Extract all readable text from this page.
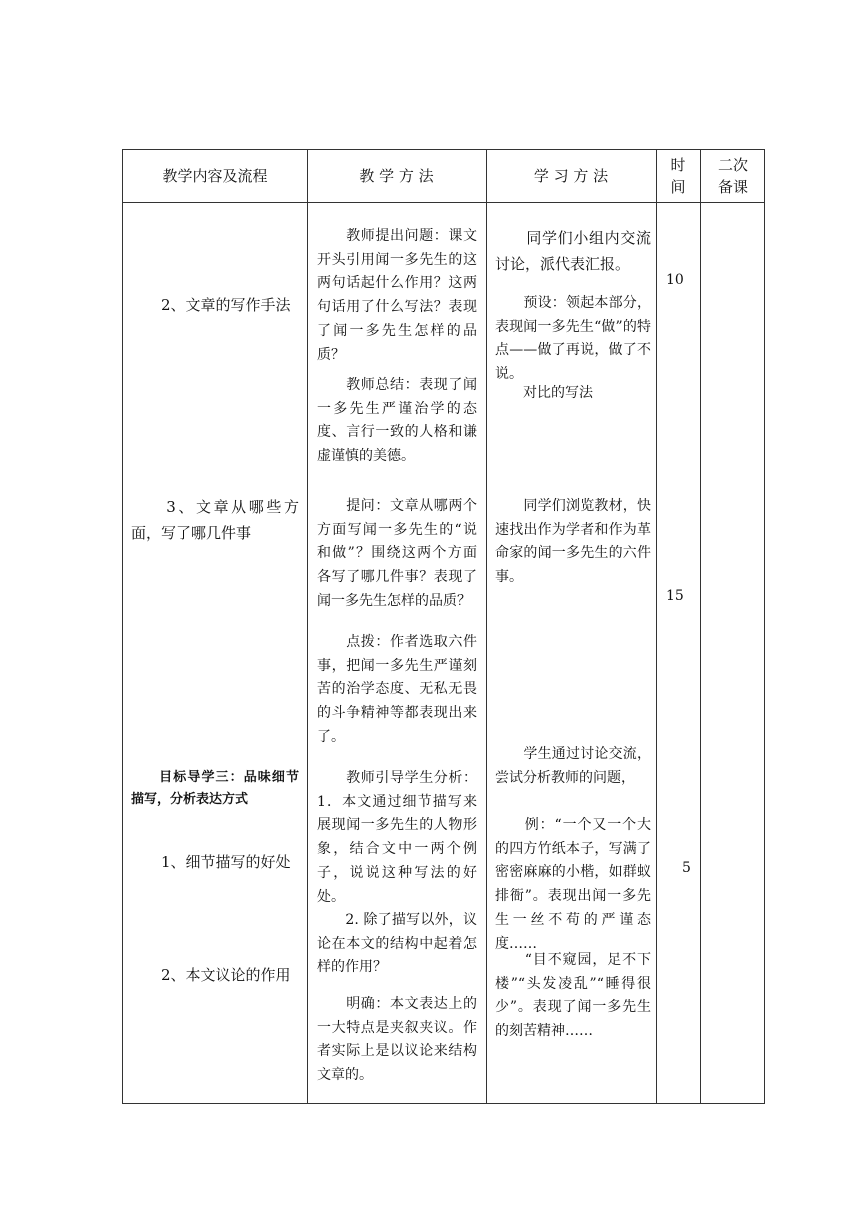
教学内容及流程	教 学 方 法	学 习 方 法
时
间
二次
备课

　　2、文章的写作手法

　　3、文章从哪些方面，写了哪几件事

　　目标导学三：品味细节描写，分析表达方式

　　1、细节描写的好处

　　2、本文议论的作用

　　教师提出问题：课文开头引用闻一多先生的这两句话起什么作用？这两句话用了什么写法？表现了闻一多先生怎样的品质？

　　教师总结：表现了闻一多先生严谨治学的态度、言行一致的人格和谦虚谨慎的美德。

　　提问：文章从哪两个方面写闻一多先生的“说和做”？围绕这两个方面各写了哪几件事？表现了闻一多先生怎样的品质？

　　点拨：作者选取六件事，把闻一多先生严谨刻苦的治学态度、无私无畏的斗争精神等都表现出来了。

　　教师引导学生分析：1．本文通过细节描写来展现闻一多先生的人物形象，结合文中一两个例子，说说这种写法的好处。

　　2. 除了描写以外，议论在本文的结构中起着怎样的作用？

　　明确：本文表达上的一大特点是夹叙夹议。作者实际上是以议论来结构文章的。

　　同学们小组内交流讨论，派代表汇报。

　　预设：领起本部分，表现闻一多先生“做”的特点——做了再说，做了不说。

　　对比的写法

　　同学们浏览教材，快速找出作为学者和作为革命家的闻一多先生的六件事。

　　学生通过讨论交流，尝试分析教师的问题，

　　例：“一个又一个大的四方竹纸本子，写满了密密麻麻的小楷，如群蚁排衙”。表现出闻一多先生一丝不苟的严谨态度……

　　“目不窥园，足不下楼”“头发凌乱”“睡得很少”。表现了闻一多先生的刻苦精神……

10
15
5
